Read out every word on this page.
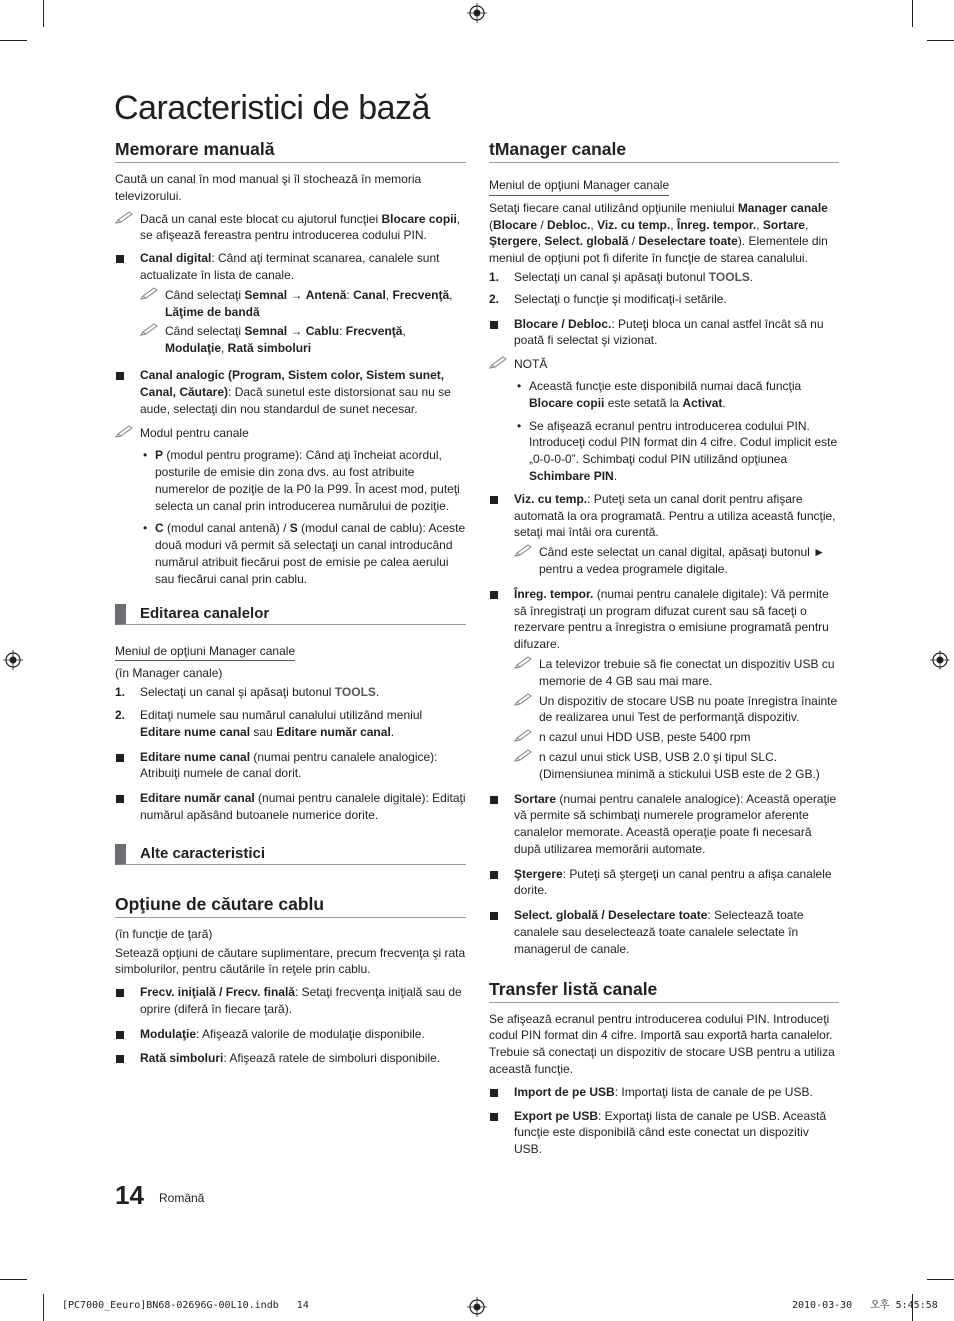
Caracteristici de bază
Memorare manuală

Caută un canal în mod manual şi îl stochează în memoria televizorului.

Dacă un canal este blocat cu ajutorul funcţiei Blocare copii, se afişează fereastra pentru introducerea codului PIN.
Canal digital: Când aţi terminat scanarea, canalele sunt actualizate în lista de canale.
Când selectaţi Semnal → Antenă: Canal, Frecvenţă, Lăţime de bandă
Când selectaţi Semnal → Cablu: Frecvenţă, Modulaţie, Rată simboluri
Canal analogic (Program, Sistem color, Sistem sunet, Canal, Căutare): Dacă sunetul este distorsionat sau nu se aude, selectaţi din nou standardul de sunet necesar.
Modul pentru canale
• P (modul pentru programe): Când aţi încheiat acordul, posturile de emisie din zona dvs. au fost atribuite numerelor de poziţie de la P0 la P99. În acest mod, puteţi selecta un canal prin introducerea numărului de poziţie.
• C (modul canal antenă) / S (modul canal de cablu): Aceste două moduri vă permit să selectaţi un canal introducând numărul atribuit fiecărui post de emisie pe calea aerului sau fiecărui canal prin cablu.
Editarea canalelor
Meniul de opţiuni Manager canale

(în Manager canale)

1. Selectaţi un canal şi apăsaţi butonul TOOLS.
2. Editaţi numele sau numărul canalului utilizând meniul Editare nume canal sau Editare număr canal.
Editare nume canal (numai pentru canalele analogice): Atribuiţi numele de canal dorit.
Editare număr canal (numai pentru canalele digitale): Editaţi numărul apăsând butoanele numerice dorite.
Alte caracteristici
Opţiune de căutare cablu

(în funcţie de ţară)

Setează opţiuni de căutare suplimentare, precum frecvenţa şi rata simbolurilor, pentru căutările în reţele prin cablu.

Frecv. iniţială / Frecv. finală: Setaţi frecvenţa iniţială sau de oprire (diferă în fiecare ţară).
Modulaţie: Afişează valorile de modulaţie disponibile.
Rată simboluri: Afişează ratele de simboluri disponibile.
tManager canale
Meniul de opţiuni Manager canale

Setaţi fiecare canal utilizând opţiunile meniului Manager canale (Blocare / Debloc., Viz. cu temp., Înreg. tempor., Sortare, Ştergere, Select. globală / Deselectare toate). Elementele din meniul de opţiuni pot fi diferite în funcţie de starea canalului.

1. Selectaţi un canal şi apăsaţi butonul TOOLS.
2. Selectaţi o funcţie şi modificaţi-i setările.
Blocare / Debloc.: Puteţi bloca un canal astfel încât să nu poată fi selectat şi vizionat.
NOTĂ
• Această funcţie este disponibilă numai dacă funcţia Blocare copii este setată la Activat.
• Se afişează ecranul pentru introducerea codului PIN. Introduceţi codul PIN format din 4 cifre. Codul implicit este „0-0-0-0”. Schimbaţi codul PIN utilizând opţiunea Schimbare PIN.
Viz. cu temp.: Puteţi seta un canal dorit pentru afişare automată la ora programată. Pentru a utiliza această funcţie, setaţi mai întâi ora curentă.
Când este selectat un canal digital, apăsaţi butonul ► pentru a vedea programele digitale.
Înreg. tempor. (numai pentru canalele digitale): Vă permite să înregistraţi un program difuzat curent sau să faceţi o rezervare pentru a înregistra o emisiune programată pentru difuzare.
La televizor trebuie să fie conectat un dispozitiv USB cu memorie de 4 GB sau mai mare.
Un dispozitiv de stocare USB nu poate înregistra înainte de realizarea unui Test de performanţă dispozitiv.
n cazul unui HDD USB, peste 5400 rpm
n cazul unui stick USB, USB 2.0 şi tipul SLC. (Dimensiunea minimă a stickului USB este de 2 GB.)
Sortare (numai pentru canalele analogice): Această operaţie vă permite să schimbaţi numerele programelor aferente canalelor memorate. Această operaţie poate fi necesară după utilizarea memorării automate.
Ştergere: Puteţi să ştergeţi un canal pentru a afişa canalele dorite.
Select. globală / Deselectare toate: Selectează toate canalele sau deselectează toate canalele selectate în managerul de canale.
Transfer listă canale

Se afişează ecranul pentru introducerea codului PIN. Introduceţi codul PIN format din 4 cifre. Importă sau exportă harta canalelor. Trebuie să conectaţi un dispozitiv de stocare USB pentru a utiliza această funcţie.

Import de pe USB: Importaţi lista de canale de pe USB.
Export pe USB: Exportaţi lista de canale pe USB. Această funcţie este disponibilă când este conectat un dispozitiv USB.
14 Română
[PC7000_Eeuro]BN68-02696G-00L10.indb   14	2010-03-30   오후 5:45:58
